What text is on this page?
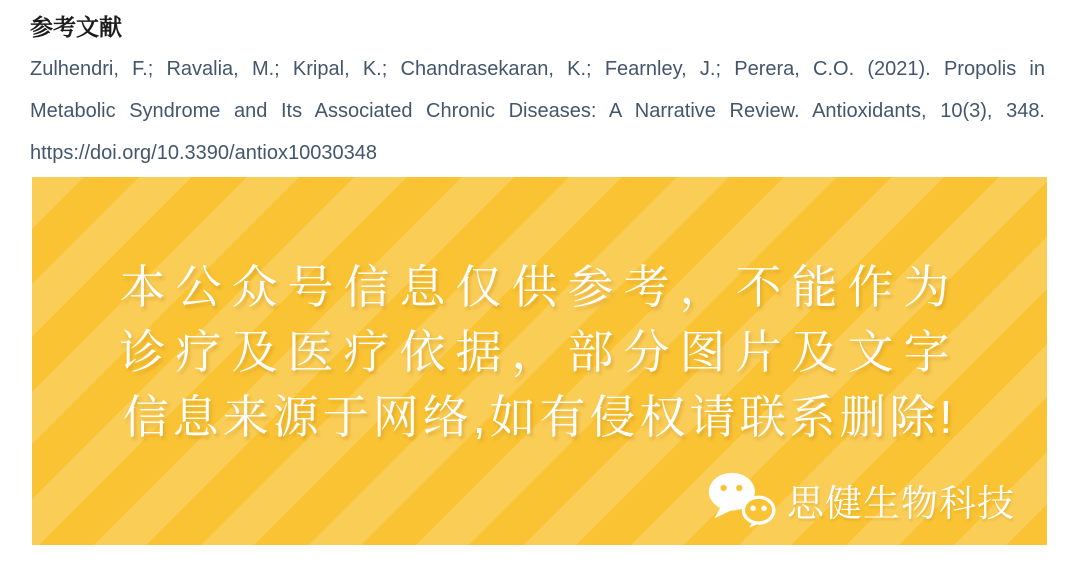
参考文献
Zulhendri, F.; Ravalia, M.; Kripal, K.; Chandrasekaran, K.; Fearnley, J.; Perera, C.O. (2021). Propolis in
Metabolic Syndrome and Its Associated Chronic Diseases: A Narrative Review. Antioxidants, 10(3), 348.
https://doi.org/10.3390/antiox10030348
本公众号信息仅供参考，不能作为
诊疗及医疗依据，部分图片及文字
信息来源于网络,如有侵权请联系删除!
思健生物科技
